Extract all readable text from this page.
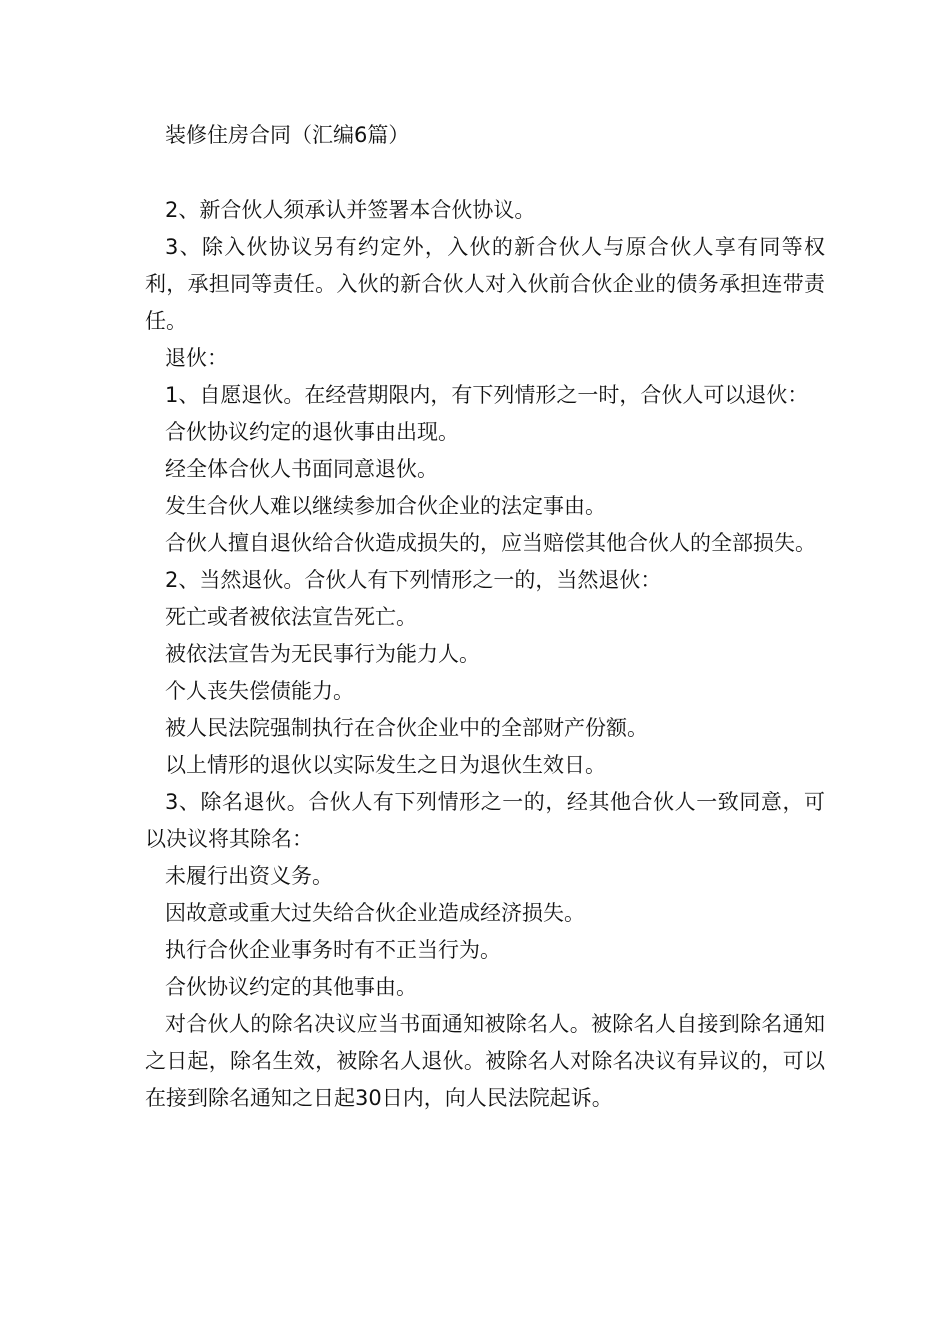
装修住房合同（汇编6篇）

2、新合伙人须承认并签署本合伙协议。

3、除入伙协议另有约定外，入伙的新合伙人与原合伙人享有同等权利，承担同等责任。入伙的新合伙人对入伙前合伙企业的债务承担连带责任。

退伙：

1、自愿退伙。在经营期限内，有下列情形之一时，合伙人可以退伙：

合伙协议约定的退伙事由出现。

经全体合伙人书面同意退伙。

发生合伙人难以继续参加合伙企业的法定事由。

合伙人擅自退伙给合伙造成损失的，应当赔偿其他合伙人的全部损失。

2、当然退伙。合伙人有下列情形之一的，当然退伙：

死亡或者被依法宣告死亡。

被依法宣告为无民事行为能力人。

个人丧失偿债能力。

被人民法院强制执行在合伙企业中的全部财产份额。

以上情形的退伙以实际发生之日为退伙生效日。

3、除名退伙。合伙人有下列情形之一的，经其他合伙人一致同意，可以决议将其除名：

未履行出资义务。

因故意或重大过失给合伙企业造成经济损失。

执行合伙企业事务时有不正当行为。

合伙协议约定的其他事由。

对合伙人的除名决议应当书面通知被除名人。被除名人自接到除名通知之日起，除名生效，被除名人退伙。被除名人对除名决议有异议的，可以在接到除名通知之日起30日内，向人民法院起诉。
